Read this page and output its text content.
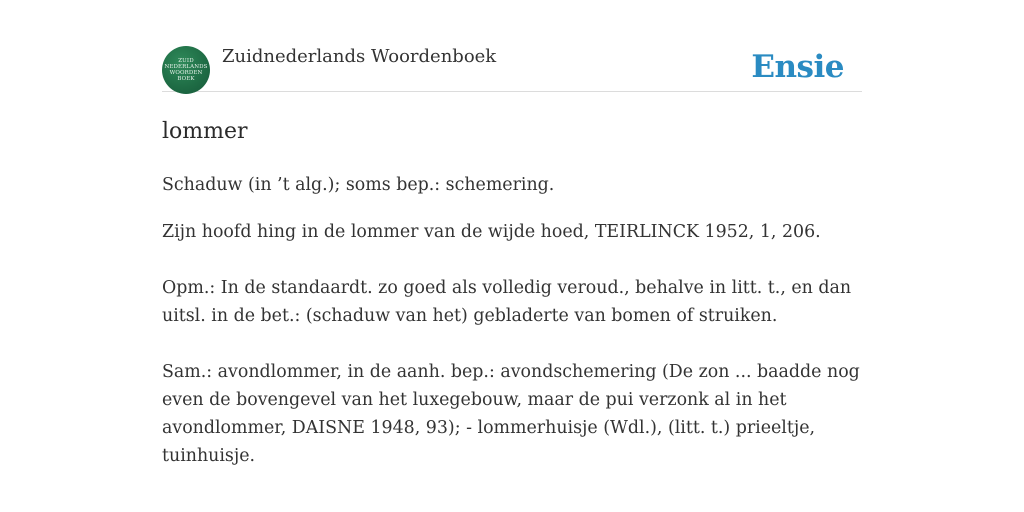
ZUID
NEDERLANDS
WOORDEN
BOEK
Zuidnederlands Woordenboek	Ensie
lommer

Schaduw (in ’t alg.); soms bep.: schemering.

Zijn hoofd hing in de lommer van de wijde hoed, TEIRLINCK 1952, 1, 206.

Opm.: In de standaardt. zo goed als volledig veroud., behalve in litt. t., en dan uitsl. in de bet.: (schaduw van het) gebladerte van bomen of struiken.

Sam.: avondlommer, in de aanh. bep.: avondschemering (De zon ... baadde nog even de bovengevel van het luxegebouw, maar de pui verzonk al in het avondlommer, DAISNE 1948, 93); - lommerhuisje (Wdl.), (litt. t.) prieeltje, tuinhuisje.
